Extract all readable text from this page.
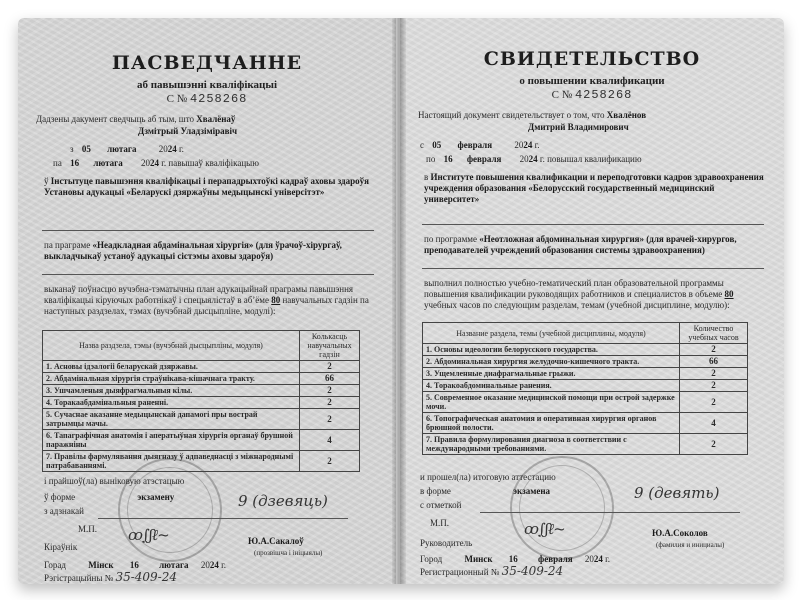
ПАСВЕДЧАННЕ
аб павышэнні кваліфікацыі
С № 4258268
Дадзены дакумент сведчыць аб тым, што Хвалёнаў
Дзмітрый Уладзіміравіч
з 05 лютага 2024 г.
па 16 лютага 2024 г. павышаў кваліфікацыю
ў Інстытуце павышэння кваліфікацыі і перападрыхтоўкі кадраў аховы здароўя Установы адукацыі «Беларускі дзяржаўны медыцынскі універсітэт»
па праграме «Неадкладная абдамінальная хірургія» (для ўрачоў-хірургаў, выкладчыкаў устаноў адукацыі сістэмы аховы здароўя)
выканаў поўнасцю вучэбна-тэматычны план адукацыйнай праграмы павышэння кваліфікацыі кіруючых работнікаў і спецыялістаў в аб’ёме 80 навучальных гадзін па наступных раздзелах, тэмах (вучэбнай дысцыпліне, модулі):
Назва раздзела, тэмы (вучэбнай дысцыпліны, модуля)	Колькасць навучальных гадзін
1. Асновы ідэалогіі беларускай дзяржавы.	2
2. Абдамінальная хірургія страўнікава-кішачнага тракту.	66
3. Ушчамленыя дыяфрагмальныя кілы.	2
4. Торакаабдамінальныя раненні.	2
5. Сучаснае аказанне медыцынскай дапамогі пры вострай затрымцы мачы.	2
6. Тапаграфічная анатомія і аператыўная хірургія органаў брушной паражніны	4
7. Правілы фармулявання дыягназу ў адпаведнасці з міжнароднымі патрабаваннямі.	2
і прайшоў(ла) выніковую атэстацыю
ў форме	экзамену
з адзнакай
9 (дзевяць)
М.П.
Кіраўнік
ꝏ∫ʃℓ~	Ю.А.Сакалоў
(прозвішча і ініцыялы)
Горад Мінск 16 лютага 2024 г.
Рэгістрацыйны № 35-409-24
СВИДЕТЕЛЬСТВО
о повышении квалификации
С № 4258268
Настоящий документ свидетельствует о том, что Хвалёнов
Дмитрий Владимирович
с 05 февраля 2024 г.
по 16 февраля 2024 г. повышал квалификацию
в Институте повышения квалификации и переподготовки кадров здравоохранения учреждения образования «Белорусский государственный медицинский университет»
по программе «Неотложная абдоминальная хирургия» (для врачей-хирургов, преподавателей учреждений образования системы здравоохранения)
выполнил полностью учебно-тематический план образовательной программы повышения квалификации руководящих работников и специалистов в объеме 80 учебных часов по следующим разделам, темам (учебной дисциплине, модулю):
Название раздела, темы (учебной дисциплины, модуля)	Количество учебных часов
1. Основы идеологии белорусского государства.	2
2. Абдоминальная хирургия желудочно-кишечного тракта.	66
3. Ущемленные диафрагмальные грыжи.	2
4. Торакоабдоминальные ранения.	2
5. Современное оказание медицинской помощи при острой задержке мочи.	2
6. Топографическая анатомия и оперативная хирургия органов брюшной полости.	4
7. Правила формулирования диагноза в соответствии с международными требованиями.	2
и прошел(ла) итоговую аттестацию
в форме	экзамена
с отметкой
9 (девять)
М.П.
Руководитель
ꝏ∫ʃℓ~	Ю.А.Соколов
(фамилия и инициалы)
Город Минск 16 февраля 2024 г.
Регистрационный № 35-409-24
